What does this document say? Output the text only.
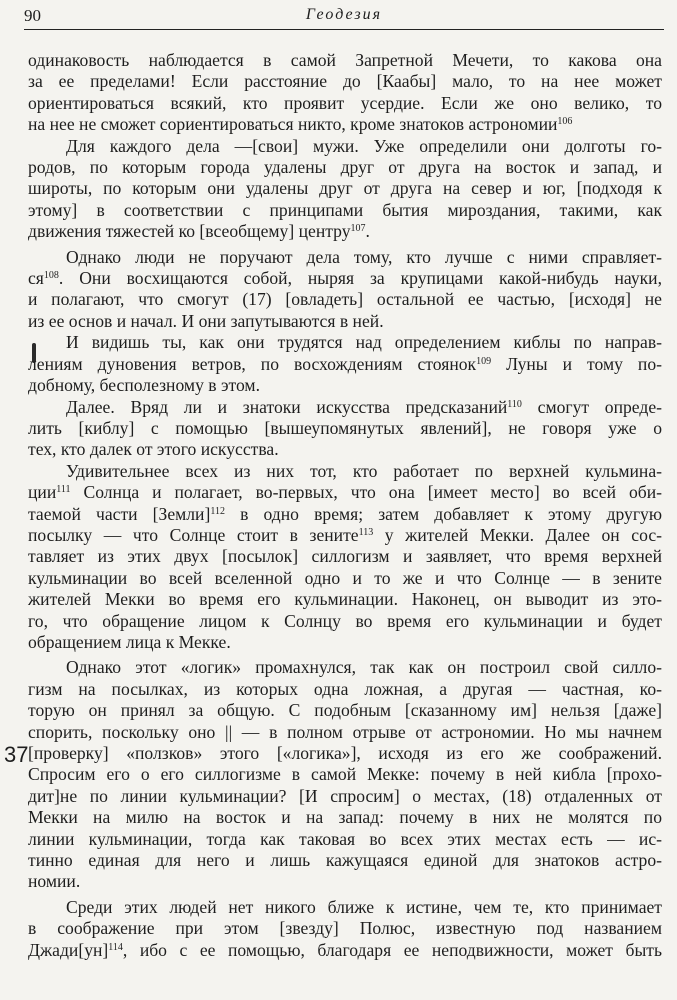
90	Геодезия
37
одинаковость наблюдается в самой Запретной Мечети, то какова она
за ее пределами! Если расстояние до [Каабы] мало, то на нее может
ориентироваться всякий, кто проявит усердие. Если же оно велико, то
на нее не сможет сориентироваться никто, кроме знатоков астрономии$^{106}$
Для каждого дела —[свои] мужи. Уже определили они долготы го-
родов, по которым города удалены друг от друга на восток и запад, и
широты, по которым они удалены друг от друга на север и юг, [подходя к
этому] в соответствии с принципами бытия мироздания, такими, как
движения тяжестей ко [всеобщему] центру$^{107}$.
Однако люди не поручают дела тому, кто лучше с ними справляет-
$ся^{108}$. Они восхищаются собой, ныряя за крупицами какой-нибудь науки,
и полагают, что смогут (17) [овладеть] остальной ее частью, [исходя] не
из ее основ и начал. И они запутываются в ней.
И видишь ты, как они трудятся над определением киблы по направ-
лениям дуновения ветров, по восхождениям стоянок$^{109}$ Луны и тому по-
добному, бесполезному в этом.
Далее. Вряд ли и знатоки искусства предсказаний$^{110}$ смогут опреде-
лить [киблу] с помощью [вышеупомянутых явлений], не говоря уже о
тех, кто далек от этого искусства.
Удивительнее всех из них тот, кто работает по верхней кульмина-
ции$^{111}$ Солнца и полагает, во-первых, что она [имеет место] во всей оби-
таемой части [Земли]$^{112}$ в одно время; затем добавляет к этому другую
посылку — что Солнце стоит в зените$^{113}$ у жителей Мекки. Далее он сос-
тавляет из этих двух [посылок] силлогизм и заявляет, что время верхней
кульминации во всей вселенной одно и то же и что Солнце — в зените
жителей Мекки во время его кульминации. Наконец, он выводит из это-
го, что обращение лицом к Солнцу во время его кульминации и будет
обращением лица к Мекке.
Однако этот «логик» промахнулся, так как он построил свой силло-
гизм на посылках, из которых одна ложная, а другая — частная, ко-
торую он принял за общую. С подобным [сказанному им] нельзя [даже]
спорить, поскольку оно || — в полном отрыве от астрономии. Но мы начнем
[проверку] «ползков» этого [«логика»], исходя из его же соображений.
Спросим его о его силлогизме в самой Мекке: почему в ней кибла [прохо-
дит]не по линии кульминации? [И спросим] о местах, (18) отдаленных от
Мекки на милю на восток и на запад: почему в них не молятся по
линии кульминации, тогда как таковая во всех этих местах есть — ис-
тинно единая для него и лишь кажущаяся единой для знатоков астро-
номии.
Среди этих людей нет никого ближе к истине, чем те, кто принимает
в соображение при этом [звезду] Полюс, известную под названием
Джади[ун]$^{114}$, ибо с ее помощью, благодаря ее неподвижности, может быть
